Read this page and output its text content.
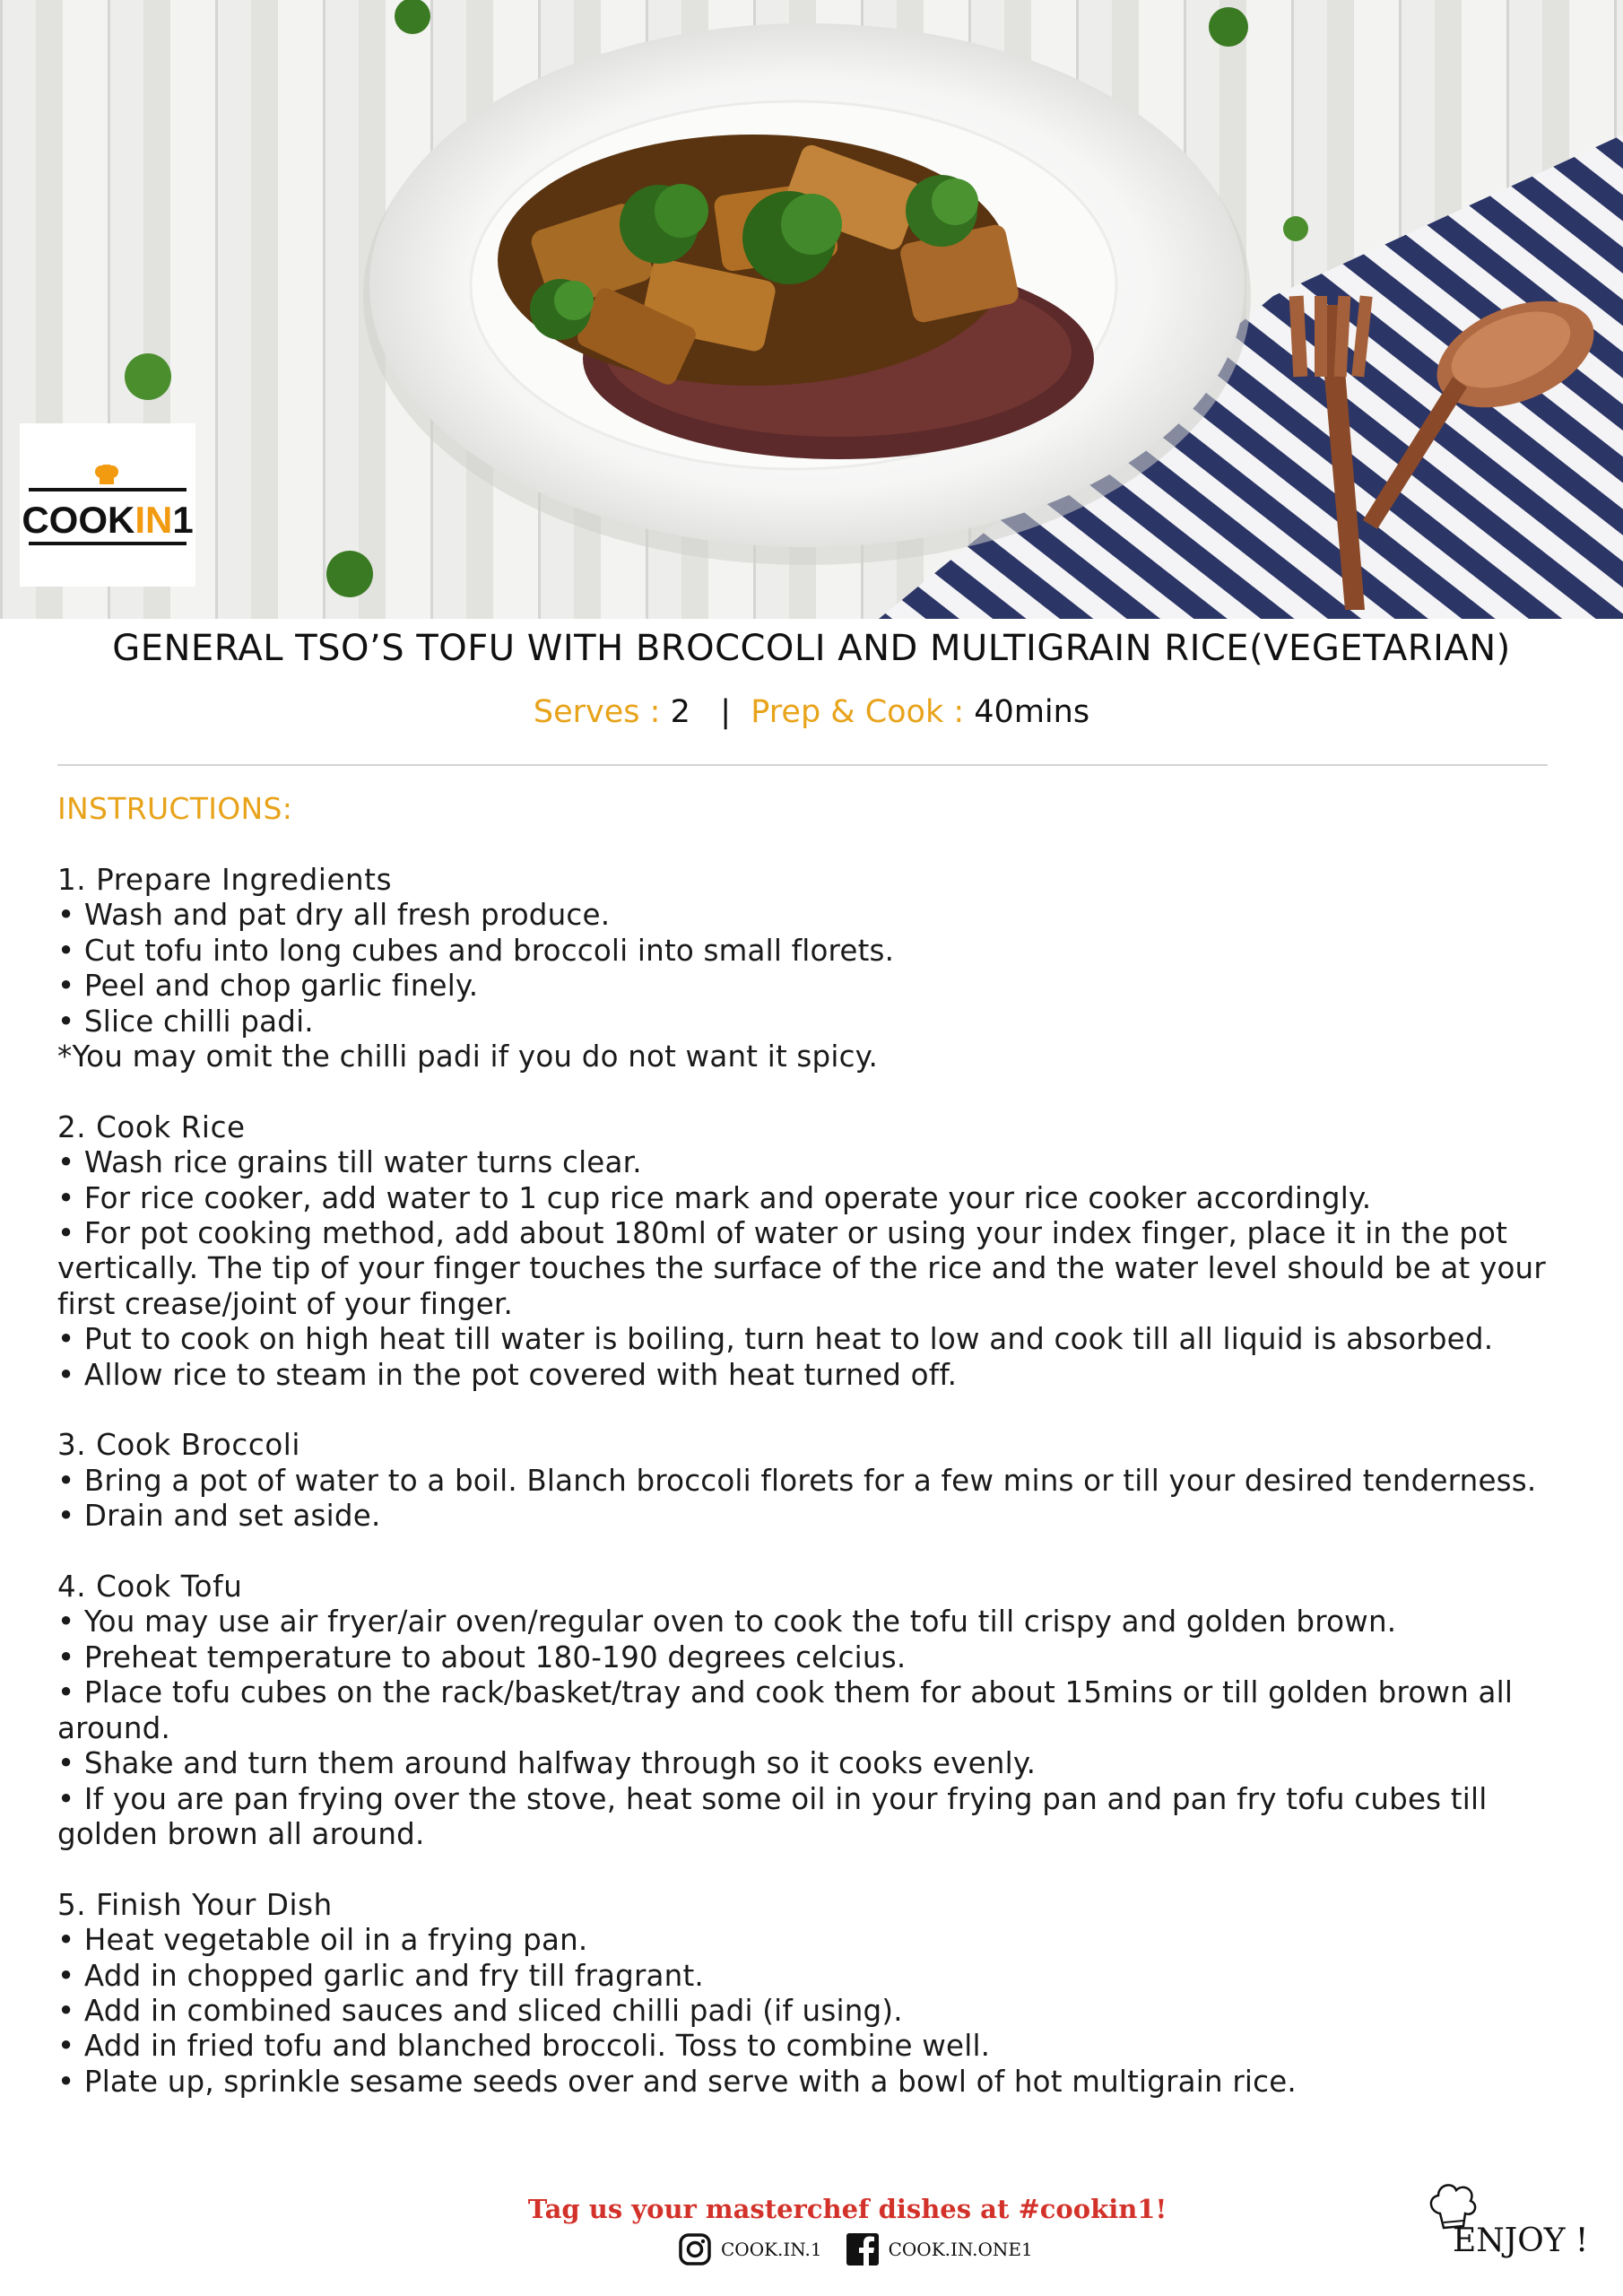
COOKIN1
GENERAL TSO’S TOFU WITH BROCCOLI AND MULTIGRAIN RICE(VEGETARIAN)
Serves : 2   |  Prep & Cook : 40mins
INSTRUCTIONS:

1. Prepare Ingredients

• Wash and pat dry all fresh produce.

• Cut tofu into long cubes and broccoli into small florets.

• Peel and chop garlic finely.

• Slice chilli padi.

*You may omit the chilli padi if you do not want it spicy.

2. Cook Rice

• Wash rice grains till water turns clear.

• For rice cooker, add water to 1 cup rice mark and operate your rice cooker accordingly.

• For pot cooking method, add about 180ml of water or using your index finger, place it in the pot vertically. The tip of your finger touches the surface of the rice and the water level should be at your first crease/joint of your finger.

• Put to cook on high heat till water is boiling, turn heat to low and cook till all liquid is absorbed.

• Allow rice to steam in the pot covered with heat turned off.

3. Cook Broccoli

• Bring a pot of water to a boil. Blanch broccoli florets for a few mins or till your desired tenderness.

• Drain and set aside.

4. Cook Tofu

• You may use air fryer/air oven/regular oven to cook the tofu till crispy and golden brown.

• Preheat temperature to about 180-190 degrees celcius.

• Place tofu cubes on the rack/basket/tray and cook them for about 15mins or till golden brown all around.

• Shake and turn them around halfway through so it cooks evenly.

• If you are pan frying over the stove, heat some oil in your frying pan and pan fry tofu cubes till golden brown all around.

5. Finish Your Dish

• Heat vegetable oil in a frying pan.

• Add in chopped garlic and fry till fragrant.

• Add in combined sauces and sliced chilli padi (if using).

• Add in fried tofu and blanched broccoli. Toss to combine well.

• Plate up, sprinkle sesame seeds over and serve with a bowl of hot multigrain rice.

Tag us your masterchef dishes at #cookin1!
COOK.IN.1	COOK.IN.ONE1	ENJOY !
